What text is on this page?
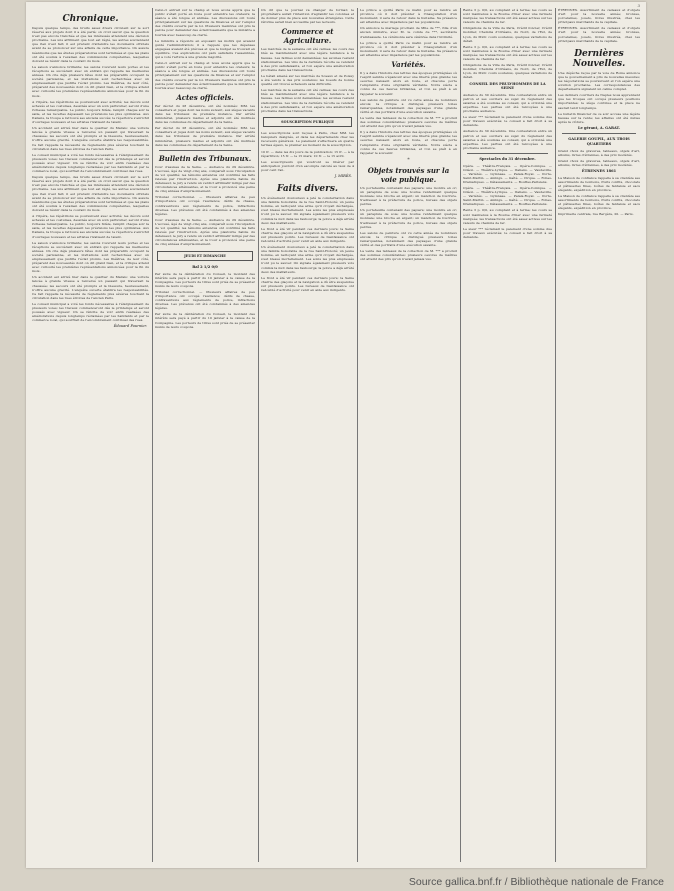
3
Chronique.

Depuis quelque temps, des bruits assez divers circulent sur le sort réservé aux projets dont il a été parlé; on croit savoir que la question n'est pas encore tranchée et que les intéressés attendent une décision prochaine. Les uns affirment que tout est réglé, les autres soutiennent que rien n'est fait; il est prudent d'attendre les documents officiels avant de se prononcer sur une affaire de cette importance. On assure néanmoins que les études préparatoires sont terminées et que les plans ont été soumis à l'examen des commissions compétentes, lesquelles doivent se réunir dans le courant du mois.

La saison s'annonce brillante; les salons rouvrent leurs portes et les réceptions se succèdent avec un entrain qui rappelle les meilleures années. On cite déjà plusieurs fêtes dont les préparatifs occupent la société parisienne, et les invitations sont recherchées avec un empressement que justifie l'éclat promis. Les théâtres, de leur côté, préparent des nouveautés dont on dit grand bien, et la critique attend avec curiosité les premières représentations annoncées pour la fin du mois.

A l'Opéra, les répétitions se poursuivent avec activité; les décors sont achevés et les costumes, dessinés avec un soin particulier, seront d'une richesse remarquable. Le public, toujours fidèle, remplit chaque soir la salle, et les recettes dépassent les prévisions les plus optimistes. Aux Italiens, la troupe a retrouvé ses anciens succès; le répertoire s'enrichit d'ouvrages nouveaux et les artistes rivalisent de talent.

Un accident est arrivé hier dans le quartier du Marais: une voiture lancée à grande vitesse a renversé un passant qui traversait la chaussée; les secours ont été prompts et la blessure, heureusement, n'offre aucune gravité. L'enquête ouverte établira les responsabilités. Ce fait rappelle la nécessité de règlements plus sévères touchant la circulation dans les rues étroites de l'ancien Paris.

Le conseil municipal a voté les fonds nécessaires à l'élargissement de plusieurs voies; les travaux commenceront dès le printemps et seront poussés avec vigueur. On se félicite de voir enfin réalisées des améliorations depuis longtemps réclamées par les habitants et par le commerce local, qui souffrait de l'encombrement continuel des rues.

Depuis quelque temps, des bruits assez divers circulent sur le sort réservé aux projets dont il a été parlé; on croit savoir que la question n'est pas encore tranchée et que les intéressés attendent une décision prochaine. Les uns affirment que tout est réglé, les autres soutiennent que rien n'est fait; il est prudent d'attendre les documents officiels avant de se prononcer sur une affaire de cette importance. On assure néanmoins que les études préparatoires sont terminées et que les plans ont été soumis à l'examen des commissions compétentes, lesquelles doivent se réunir dans le courant du mois.

A l'Opéra, les répétitions se poursuivent avec activité; les décors sont achevés et les costumes, dessinés avec un soin particulier, seront d'une richesse remarquable. Le public, toujours fidèle, remplit chaque soir la salle, et les recettes dépassent les prévisions les plus optimistes. Aux Italiens, la troupe a retrouvé ses anciens succès; le répertoire s'enrichit d'ouvrages nouveaux et les artistes rivalisent de talent.

La saison s'annonce brillante; les salons rouvrent leurs portes et les réceptions se succèdent avec un entrain qui rappelle les meilleures années. On cite déjà plusieurs fêtes dont les préparatifs occupent la société parisienne, et les invitations sont recherchées avec un empressement que justifie l'éclat promis. Les théâtres, de leur côté, préparent des nouveautés dont on dit grand bien, et la critique attend avec curiosité les premières représentations annoncées pour la fin du mois.

Un accident est arrivé hier dans le quartier du Marais: une voiture lancée à grande vitesse a renversé un passant qui traversait la chaussée; les secours ont été prompts et la blessure, heureusement, n'offre aucune gravité. L'enquête ouverte établira les responsabilités. Ce fait rappelle la nécessité de règlements plus sévères touchant la circulation dans les rues étroites de l'ancien Paris.

Le conseil municipal a voté les fonds nécessaires à l'élargissement de plusieurs voies; les travaux commenceront dès le printemps et seront poussés avec vigueur. On se félicite de voir enfin réalisées des améliorations depuis longtemps réclamées par les habitants et par le commerce local, qui souffrait de l'encombrement continuel des rues.

Édouard Fournier.

Celui-ci entrait sur le champ et nous avons appris que le public s'était porté en foule pour entendre les orateurs; la séance a été longue et animée. Les discussions ont roulé principalement sur les questions de finances et sur l'emploi des crédits ouverts par la loi. Plusieurs membres ont pris la parole pour demander des éclaircissements que le ministre a fournis avec beaucoup de clarté.

Le ministre a répondu en exposant les motifs qui avaient guidé l'administration; il a rappelé que les dépenses engagées avaient été prévues et que le budget se trouvait en équilibre. Ces explications ont paru satisfaire l'assemblée, qui a voté l'article à une grande majorité.

Celui-ci entrait sur le champ et nous avons appris que le public s'était porté en foule pour entendre les orateurs; la séance a été longue et animée. Les discussions ont roulé principalement sur les questions de finances et sur l'emploi des crédits ouverts par la loi. Plusieurs membres ont pris la parole pour demander des éclaircissements que le ministre a fournis avec beaucoup de clarté.

Actes officiels.

Par décret du 28 décembre, ont été nommés: MM. les conseillers et juges dont les noms suivent, aux sièges vacants dans les tribunaux de première instance. Par arrêté ministériel, plusieurs maires et adjoints ont été institués dans les communes du département de la Seine.

Par décret du 28 décembre, ont été nommés: MM. les conseillers et juges dont les noms suivent, aux sièges vacants dans les tribunaux de première instance. Par arrêté ministériel, plusieurs maires et adjoints ont été institués dans les communes du département de la Seine.

Bulletin des Tribunaux.

Cour d'assises de la Seine. — Audience du 29 décembre. L'accusé, âgé de vingt-cinq ans, comparaît sous l'inculpation de vol qualifié; les témoins entendus ont confirmé les faits relevés par l'instruction. Après une plaidoirie habile du défenseur, le jury a rendu un verdict affirmatif mitigé par des circonstances atténuantes, et la Cour a prononcé une peine de cinq années d'emprisonnement.

Tribunal correctionnel. — Plusieurs affaires de peu d'importance ont occupé l'audience; délits de chasse, contraventions aux règlements de police, infractions diverses. Les prévenus ont été condamnés à des amendes légères.

Cour d'assises de la Seine. — Audience du 29 décembre. L'accusé, âgé de vingt-cinq ans, comparaît sous l'inculpation de vol qualifié; les témoins entendus ont confirmé les faits relevés par l'instruction. Après une plaidoirie habile du défenseur, le jury a rendu un verdict affirmatif mitigé par des circonstances atténuantes, et la Cour a prononcé une peine de cinq années d'emprisonnement.

JEUDI ET DIMANCHE
Bal 2 1/2 0/0

Par suite de la délibération du Conseil, le montant des intérêts sera payé à partir du 10 janvier à la caisse de la Compagnie. Les porteurs de titres sont priés de se présenter munis de leurs coupons.

Tribunal correctionnel. — Plusieurs affaires de peu d'importance ont occupé l'audience; délits de chasse, contraventions aux règlements de police, infractions diverses. Les prévenus ont été condamnés à des amendes légères.

Par suite de la délibération du Conseil, le montant des intérêts sera payé à partir du 10 janvier à la caisse de la Compagnie. Les porteurs de titres sont priés de se présenter munis de leurs coupons.

On dit que le journal va changer de format; le propriétaire aurait l'intention d'agrandir les colonnes et de donner plus de place aux nouvelles étrangères. Cette réforme serait bien accueillie par les lecteurs.

Commerce et Agriculture.

Les marchés de la semaine ont été calmes; les cours des blés se maintiennent avec une légère tendance à la hausse. Les farines sont demandées; les avoines restent stationnaires. Les vins de la dernière récolte se vendent à des prix satisfaisants, et l'on espère une amélioration prochaine dans les transactions.

Le bétail amené sur les marchés de Sceaux et de Poissy a été vendu à des prix soutenus; les boeufs de bonne qualité ont trouvé acheteurs sans difficulté.

Les marchés de la semaine ont été calmes; les cours des blés se maintiennent avec une légère tendance à la hausse. Les farines sont demandées; les avoines restent stationnaires. Les vins de la dernière récolte se vendent à des prix satisfaisants, et l'on espère une amélioration prochaine dans les transactions.

SOUSCRIPTION PUBLIQUE

Les souscriptions sont reçues à Paris, chez MM. les banquiers désignés, et dans les départements chez les receveurs généraux. Le paiement s'effectuera en quatre termes égaux, le premier au moment de la souscription.

10 fr. — dans les dix jours de la publication; 15 fr. — à la répartition; 15 fr. — le 15 mars; 10 fr. — le 15 avril.

Les souscripteurs qui voudront se libérer par anticipation jouiront d'un escompte calculé au taux de 4 pour cent l'an.

J. MIRÈS.
Faits divers.

Un événement douloureux a jeté la consternation dans une famille honorable de la rue Saint-Honoré; un jeune homme, en nettoyant une arme qu'il croyait déchargée, s'est blessé mortellement. Les soins les plus empressés n'ont pu le sauver. On signale également plusieurs vols commis la nuit dans les faubourgs; la police a déjà arrêté deux des malfaiteurs.

Le froid a été vif pendant ces derniers jours; la Seine charrie des glaçons et la navigation a dû être suspendue sur plusieurs points. Les bureaux de bienfaisance ont redoublé d'activité pour venir en aide aux indigents.

Un événement douloureux a jeté la consternation dans une famille honorable de la rue Saint-Honoré; un jeune homme, en nettoyant une arme qu'il croyait déchargée, s'est blessé mortellement. Les soins les plus empressés n'ont pu le sauver. On signale également plusieurs vols commis la nuit dans les faubourgs; la police a déjà arrêté deux des malfaiteurs.

Le froid a été vif pendant ces derniers jours; la Seine charrie des glaçons et la navigation a dû être suspendue sur plusieurs points. Les bureaux de bienfaisance ont redoublé d'activité pour venir en aide aux indigents.

Le prince a quitté Paris ce matin pour se rendre en province où il doit présider à l'inauguration d'un monument; il sera de retour dans la huitaine. Sa présence est attendue avec impatience par les populations.

On annonce le mariage prochain de Mlle de ***, fille d'un ancien ministre, avec M. le comte de ***, secrétaire d'ambassade. La cérémonie sera célébrée dans l'intimité.

Le prince a quitté Paris ce matin pour se rendre en province où il doit présider à l'inauguration d'un monument; il sera de retour dans la huitaine. Sa présence est attendue avec impatience par les populations.

Variétés.

Il y a dans l'histoire des lettres des époques privilégiées où l'esprit semble s'épanouir avec une liberté plus grande; les oeuvres naissent alors en foule, et chacune porte l'empreinte d'une originalité véritable. Notre siècle a connu de ces heures brillantes, et l'on se plaît à en rappeler le souvenir.

Les salons de peinture ont vu cette année de nombreux envois; la critique a distingué plusieurs toiles remarquables, notamment des paysages d'une grande vérité et des portraits d'une exécution savante.

La vente des tableaux de la collection de M. *** a produit des sommes considérables; plusieurs oeuvres de maîtres ont atteint des prix qu'on n'avait jamais vus.

Il y a dans l'histoire des lettres des époques privilégiées où l'esprit semble s'épanouir avec une liberté plus grande; les oeuvres naissent alors en foule, et chacune porte l'empreinte d'une originalité véritable. Notre siècle a connu de ces heures brillantes, et l'on se plaît à en rappeler le souvenir.

*
Objets trouvés sur la voie publique.

Un portefeuille contenant des papiers; une montre en or; un parapluie de soie; une bourse renfermant quelque monnaie; une broche en argent; un manchon de fourrure. S'adresser à la préfecture de police, bureau des objets perdus.

Un portefeuille contenant des papiers; une montre en or; un parapluie de soie; une bourse renfermant quelque monnaie; une broche en argent; un manchon de fourrure. S'adresser à la préfecture de police, bureau des objets perdus.

Les salons de peinture ont vu cette année de nombreux envois; la critique a distingué plusieurs toiles remarquables, notamment des paysages d'une grande vérité et des portraits d'une exécution savante.

La vente des tableaux de la collection de M. *** a produit des sommes considérables; plusieurs oeuvres de maîtres ont atteint des prix qu'on n'avait jamais vus.

Rente 3 p. 0/0, au comptant et à terme; les cours se sont maintenus à la Bourse d'hier avec une fermeté marquée; les transactions ont été assez actives sur les valeurs de chemins de fer.

Obligations de la Ville de Paris, Crédit foncier, Crédit mobilier, Chemins d'Orléans, du Nord, de l'Est, de Lyon, du Midi: cours soutenus, quelques variations de détail.

Rente 3 p. 0/0, au comptant et à terme; les cours se sont maintenus à la Bourse d'hier avec une fermeté marquée; les transactions ont été assez actives sur les valeurs de chemins de fer.

Obligations de la Ville de Paris, Crédit foncier, Crédit mobilier, Chemins d'Orléans, du Nord, de l'Est, de Lyon, du Midi: cours soutenus, quelques variations de détail.

CONSEIL DES PRUD'HOMMES DE LA SEINE

Audience du 30 décembre. Une contestation entre un patron et ses ouvriers au sujet du règlement des salaires a été soumise au conseil, qui a ordonné une expertise. Les parties ont été renvoyées à une prochaine audience.

Le sieur *** réclamait le paiement d'une somme due pour travaux exécutés; le conseil a fait droit à sa demande.

Audience du 30 décembre. Une contestation entre un patron et ses ouvriers au sujet du règlement des salaires a été soumise au conseil, qui a ordonné une expertise. Les parties ont été renvoyées à une prochaine audience.

Spectacles du 31 décembre.

Opéra. — Théâtre-Français. — Opéra-Comique. — Odéon. — Théâtre-Lyrique. — Italiens. — Vaudeville. — Variétés. — Gymnase. — Palais-Royal. — Porte-Saint-Martin. — Ambigu. — Gaîté. — Cirque. — Folies-Dramatiques. — Délassements. — Bouffes-Parisiens.

Opéra. — Théâtre-Français. — Opéra-Comique. — Odéon. — Théâtre-Lyrique. — Italiens. — Vaudeville. — Variétés. — Gymnase. — Palais-Royal. — Porte-Saint-Martin. — Ambigu. — Gaîté. — Cirque. — Folies-Dramatiques. — Délassements. — Bouffes-Parisiens.

Rente 3 p. 0/0, au comptant et à terme; les cours se sont maintenus à la Bourse d'hier avec une fermeté marquée; les transactions ont été assez actives sur les valeurs de chemins de fer.

Le sieur *** réclamait le paiement d'une somme due pour travaux exécutés; le conseil a fait droit à sa demande.

ÉTRENNES. Assortiment de cadeaux et d'objets d'art pour la nouvelle année; bronzes, porcelaines, jouets, livres illustrés, chez les principaux marchands de la capitale.

ÉTRENNES. Assortiment de cadeaux et d'objets d'art pour la nouvelle année; bronzes, porcelaines, jouets, livres illustrés, chez les principaux marchands de la capitale.

Dernières Nouvelles.

Une dépêche reçue par la voie de Rome annonce que le gouvernement a pris de nouvelles mesures; les négociations se poursuivent et l'on espère une solution prochaine. Les correspondances des départements signalent un calme complet.

Les derniers courriers de Naples nous apprennent que les troupes ont occupé plusieurs positions importantes; le siège continue et la place ne saurait tenir longtemps.

Le bulletin financier de ce soir accuse une légère hausse sur la rente; les affaires ont été nulles après la clôture.

Le gérant, A. GARAT.
GALERIE GOUPIL, AUX TROIS QUARTIERS

Grand choix de gravures, tableaux, objets d'art, albums, livres d'étrennes, à des prix modérés.

Grand choix de gravures, tableaux, objets d'art, albums, livres d'étrennes, à des prix modérés.

ÉTRENNES 1861

La Maison de confiance rappelle à sa clientèle ses assortiments de bonbons, fruits confits, chocolats et pâtisseries fines, boîtes de fantaisie et sacs élégants, expédition en province.

La Maison de confiance rappelle à sa clientèle ses assortiments de bonbons, fruits confits, chocolats et pâtisseries fines, boîtes de fantaisie et sacs élégants, expédition en province.

Imprimerie centrale, rue Bergère, 20. — Paris.

Source gallica.bnf.fr / Bibliothèque nationale de France
